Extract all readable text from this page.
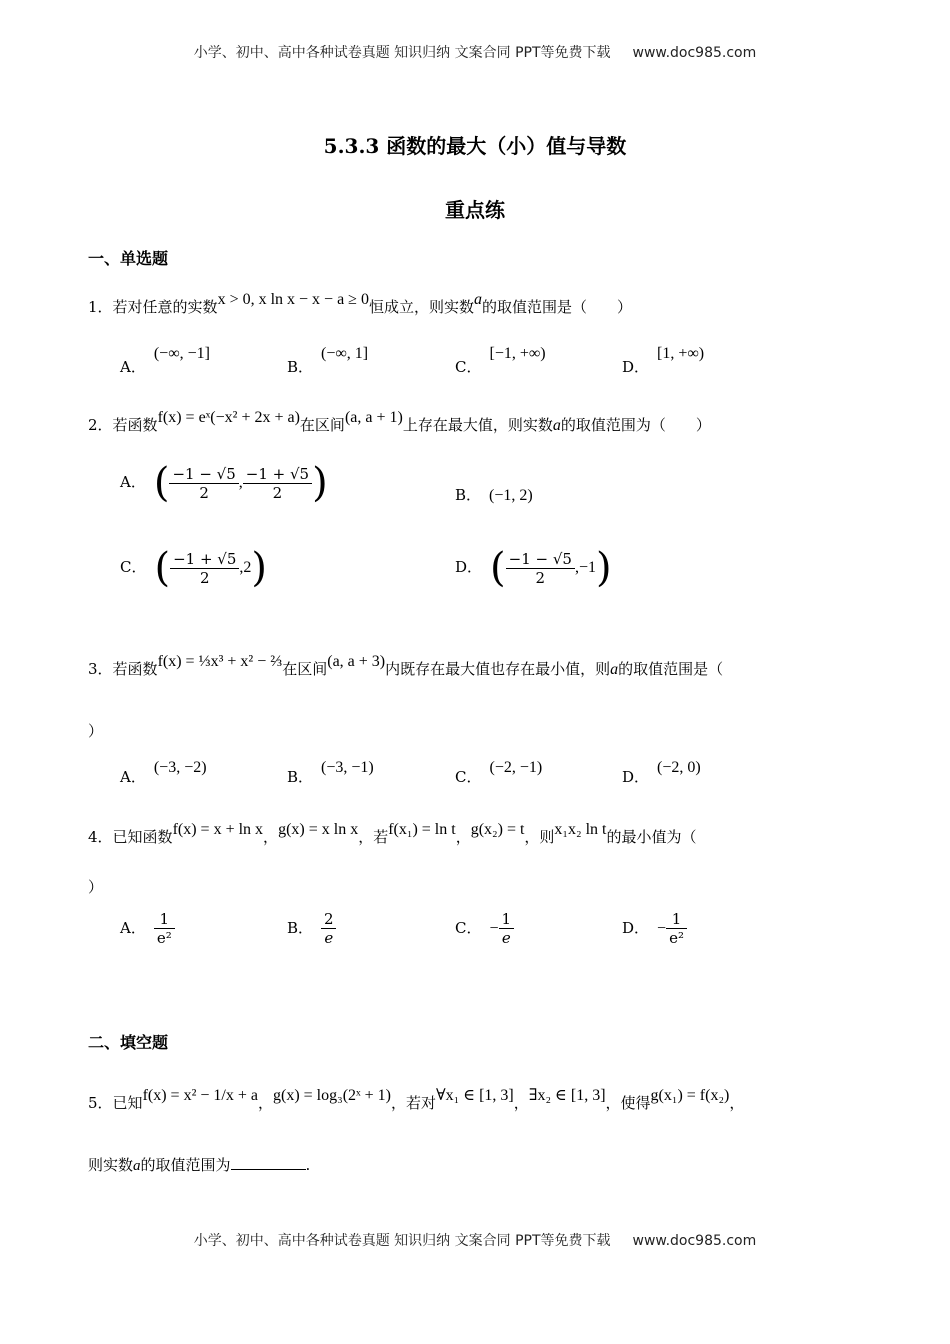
小学、初中、高中各种试卷真题 知识归纳 文案合同 PPT等免费下载 www.doc985.com
5.3.3 函数的最大（小）值与导数
重点练
一、单选题
1．若对任意的实数x > 0, x ln x − x − a ≥ 0恒成立，则实数a的取值范围是（　　）
A．(−∞, −1]
B．(−∞, 1]
C．[−1, +∞)
D．[1, +∞)
2．若函数f(x) = eˣ(−x² + 2x + a)在区间(a, a + 1)上存在最大值，则实数a的取值范围为（　　）
A． ( $\frac{-1 - √5}{2}$ , $\frac{-1 + √5}{2}$ )	B． (−1, 2)
C． ( $\frac{-1 + √5}{2} ,2$)	D． ( $\frac{-1 - √5}{2} ,-1$)
3．若函数f(x) = ⅓x³ + x² − ⅔在区间(a, a + 3)内既存在最大值也存在最小值，则a的取值范围是（
）
A．(−3, −2)
B．(−3, −1)
C．(−2, −1)
D．(−2, 0)
4．已知函数f(x) = x + ln x，g(x) = x ln x，若f(x₁) = ln t，g(x₂) = t，则x₁x₂ ln t的最小值为（
）
A． $\frac{1}{\text{e²}}$	B． $\frac{2}{e}$	C． − $\frac{1}{e}$	D． − $\frac{1}{\text{e²}}$
二、填空题
5．已知f(x) = x² − 1/x + a，g(x) = log₃(2ˣ + 1)，若对∀x₁ ∈ [1, 3]，∃x₂ ∈ [1, 3]，使得g(x₁) = f(x₂)，
则实数a的取值范围为	.
小学、初中、高中各种试卷真题 知识归纳 文案合同 PPT等免费下载 www.doc985.com
